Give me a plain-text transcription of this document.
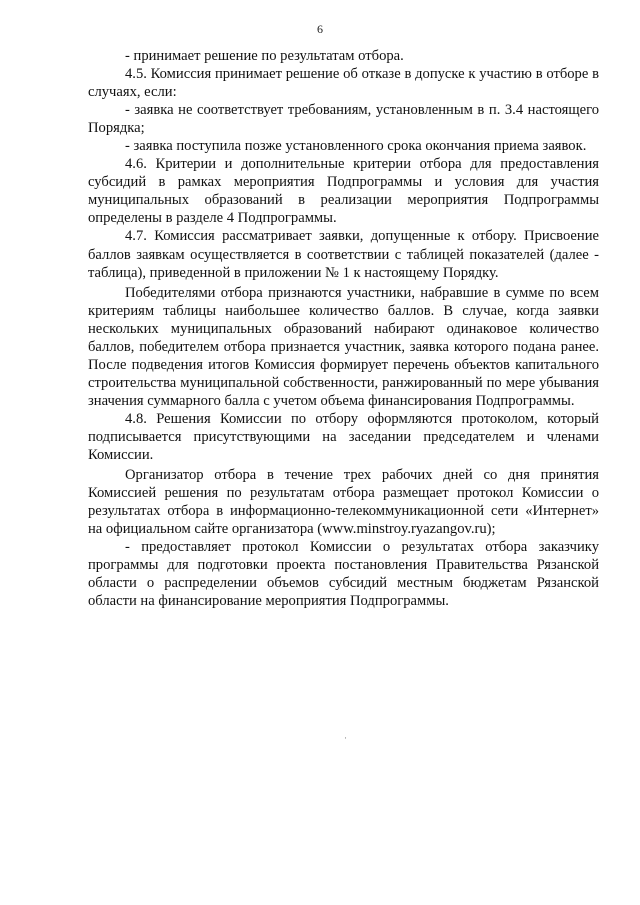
6

- принимает решение по результатам отбора.

4.5. Комиссия принимает решение об отказе в допуске к участию в отборе в случаях, если:

- заявка не соответствует требованиям, установленным в п. 3.4 настоящего Порядка;

- заявка поступила позже установленного срока окончания приема заявок.

4.6. Критерии и дополнительные критерии отбора для предоставления субсидий в рамках мероприятия Подпрограммы и условия для участия муниципальных образований в реализации мероприятия Подпрограммы определены в разделе 4 Подпрограммы.

4.7. Комиссия рассматривает заявки, допущенные к отбору. Присвоение баллов заявкам осуществляется в соответствии с таблицей показателей (далее - таблица), приведенной в приложении № 1 к настоящему Порядку.

Победителями отбора признаются участники, набравшие в сумме по всем критериям таблицы наибольшее количество баллов. В случае, когда заявки нескольких муниципальных образований набирают одинаковое количество баллов, победителем отбора признается участник, заявка которого подана ранее. После подведения итогов Комиссия формирует перечень объектов капитального строительства муниципальной собственности, ранжированный по мере убывания значения суммарного балла с учетом объема финансирования Подпрограммы.

4.8. Решения Комиссии по отбору оформляются протоколом, который подписывается присутствующими на заседании председателем и членами Комиссии.

Организатор отбора в течение трех рабочих дней со дня принятия Комиссией решения по результатам отбора размещает протокол Комиссии о результатах отбора в информационно-телекоммуникационной сети «Интернет» на официальном сайте организатора (www.minstroy.ryazangov.ru);

- предоставляет протокол Комиссии о результатах отбора заказчику программы для подготовки проекта постановления Правительства Рязанской области о распределении объемов субсидий местным бюджетам Рязанской области на финансирование мероприятия Подпрограммы.

·
